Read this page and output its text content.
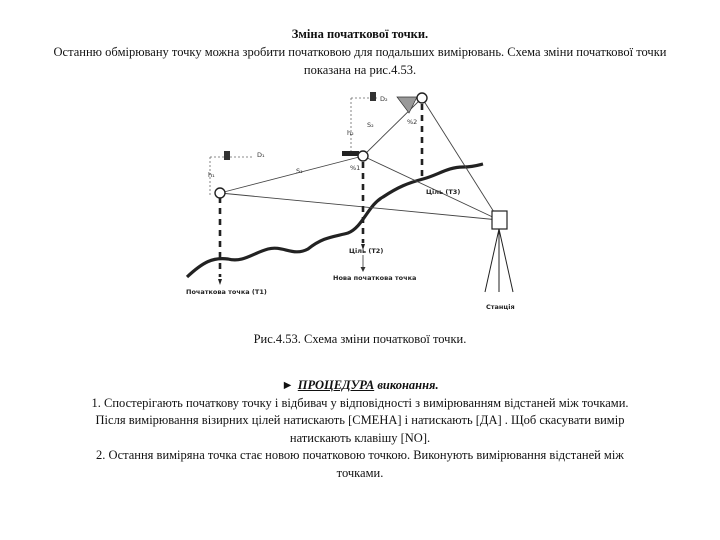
Зміна початкової точки.
Останню обмірювану точку можна зробити початковою для подальших вимірювань. Схема зміни початкової точки показана на рис.4.53.
D₁
D₂
h₁
h₂
S₁
S₂
%1
%2
Ціль (Т3)
Ціль (Т2)
Нова початкова точка
Початкова точка (Т1)
Станція
Рис.4.53. Схема зміни початкової точки.
► ПРОЦЕДУРА виконання.
1. Спостерігають початкову точку і відбивач у відповідності з вимірюванням відстаней між точками.
Після вимірювання візирних цілей натискають [СМЕНА] і натискають [ДА] . Щоб скасувати вимір
натискають клавішу [NO].
2. Остання виміряна точка стає новою початковою точкою. Виконують вимірювання відстаней між
точками.
